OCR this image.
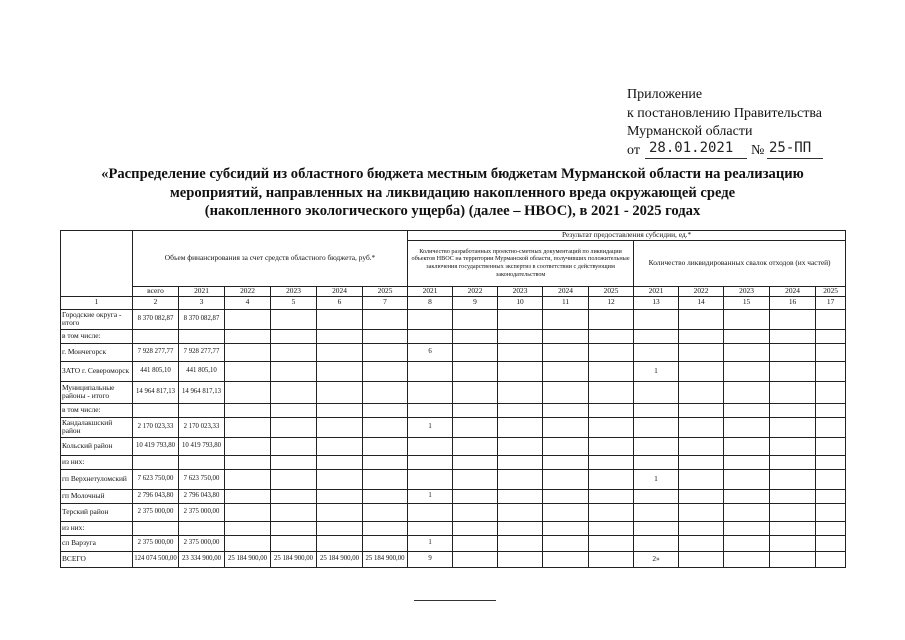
Приложение
к постановлению Правительства
Мурманской области
от 28.01.2021 № 25-ПП
«Распределение субсидий из областного бюджета местным бюджетам Мурманской области на реализацию
мероприятий, направленных на ликвидацию накопленного вреда окружающей среде
(накопленного экологического ущерба) (далее – НВОС), в 2021 - 2025 годах
	Объем финансирования за счет средств областного бюджета, руб.*						Результат предоставления субсидии, ед.*										
							Количество разработанных проектно-сметных документаций по ликвидации объектов НВОС на территории Мурманской области, получивших положительные заключения государственных экспертиз в соответствии с действующим законодательством					Количество ликвидированных свалок отходов (их частей)					
	всего	2021	2022	2023	2024	2025	2021	2022	2023	2024	2025	2021	2022	2023	2024	2025	
1	2	3	4	5	6	7	8	9	10	11	12	13	14	15	16	17	
Городские округа - итого	8 370 082,87	8 370 082,87															
в том числе:																	
г. Мончегорск	7 928 277,77	7 928 277,77					6										
ЗАТО г. Североморск	441 805,10	441 805,10										1					
Муниципальные районы - итого	14 964 817,13	14 964 817,13															
в том числе:																	
Кандалакшский район	2 170 023,33	2 170 023,33					1										
Кольский район	10 419 793,80	10 419 793,80															
из них:																	
гп Верхнетуломский	7 623 750,00	7 623 750,00										1					
гп Молочный	2 796 043,80	2 796 043,80					1										
Терский район	2 375 000,00	2 375 000,00															
из них:																	
сп Варзуга	2 375 000,00	2 375 000,00					1										
ВСЕГО	124 074 500,00	23 334 900,00	25 184 900,00	25 184 900,00	25 184 900,00	25 184 900,00	9					2»					
